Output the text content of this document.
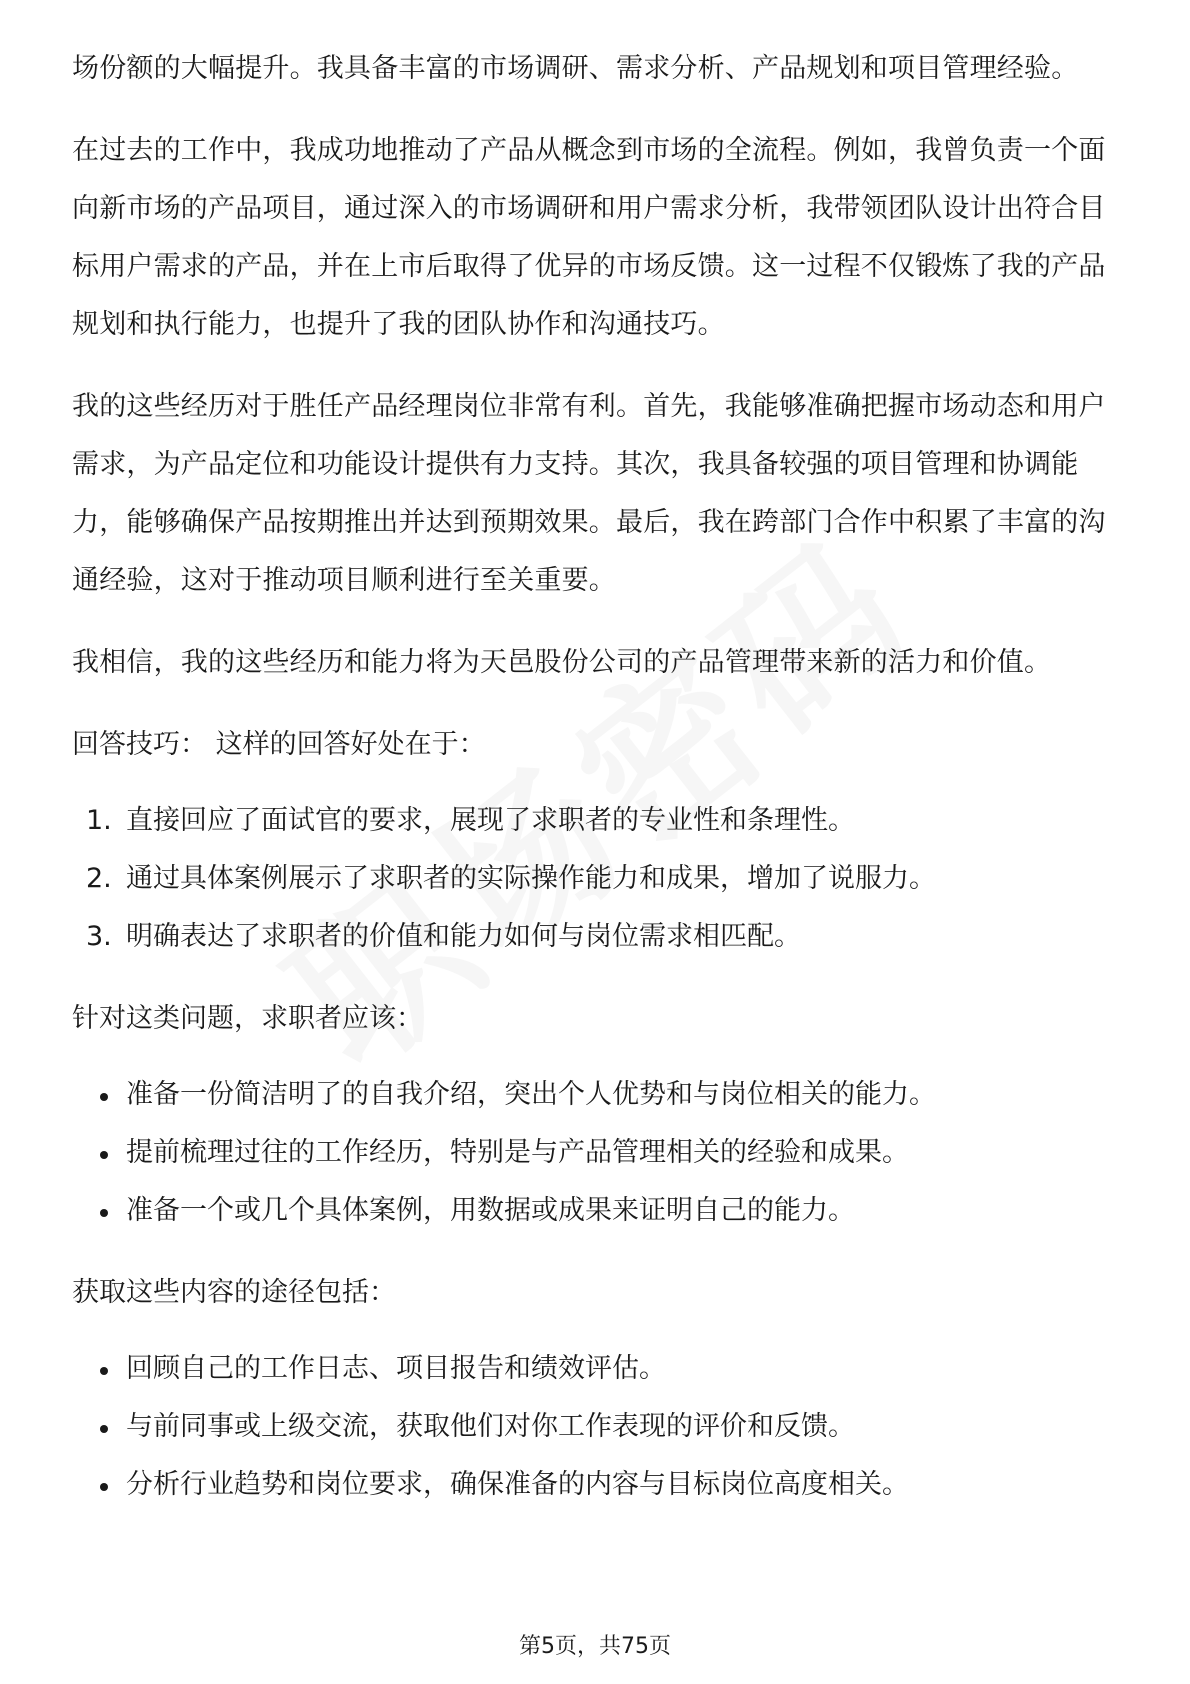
场份额的大幅提升。我具备丰富的市场调研、需求分析、产品规划和项目管理经验。

在过去的工作中，我成功地推动了产品从概念到市场的全流程。例如，我曾负责一个面向新市场的产品项目，通过深入的市场调研和用户需求分析，我带领团队设计出符合目标用户需求的产品，并在上市后取得了优异的市场反馈。这一过程不仅锻炼了我的产品规划和执行能力，也提升了我的团队协作和沟通技巧。

我的这些经历对于胜任产品经理岗位非常有利。首先，我能够准确把握市场动态和用户需求，为产品定位和功能设计提供有力支持。其次，我具备较强的项目管理和协调能力，能够确保产品按期推出并达到预期效果。最后，我在跨部门合作中积累了丰富的沟通经验，这对于推动项目顺利进行至关重要。

我相信，我的这些经历和能力将为天邑股份公司的产品管理带来新的活力和价值。

回答技巧： 这样的回答好处在于：

1. 直接回应了面试官的要求，展现了求职者的专业性和条理性。
2. 通过具体案例展示了求职者的实际操作能力和成果，增加了说服力。
3. 明确表达了求职者的价值和能力如何与岗位需求相匹配。

针对这类问题，求职者应该：

准备一份简洁明了的自我介绍，突出个人优势和与岗位相关的能力。
提前梳理过往的工作经历，特别是与产品管理相关的经验和成果。
准备一个或几个具体案例，用数据或成果来证明自己的能力。

获取这些内容的途径包括：

回顾自己的工作日志、项目报告和绩效评估。
与前同事或上级交流，获取他们对你工作表现的评价和反馈。
分析行业趋势和岗位要求，确保准备的内容与目标岗位高度相关。
第5页，共75页
